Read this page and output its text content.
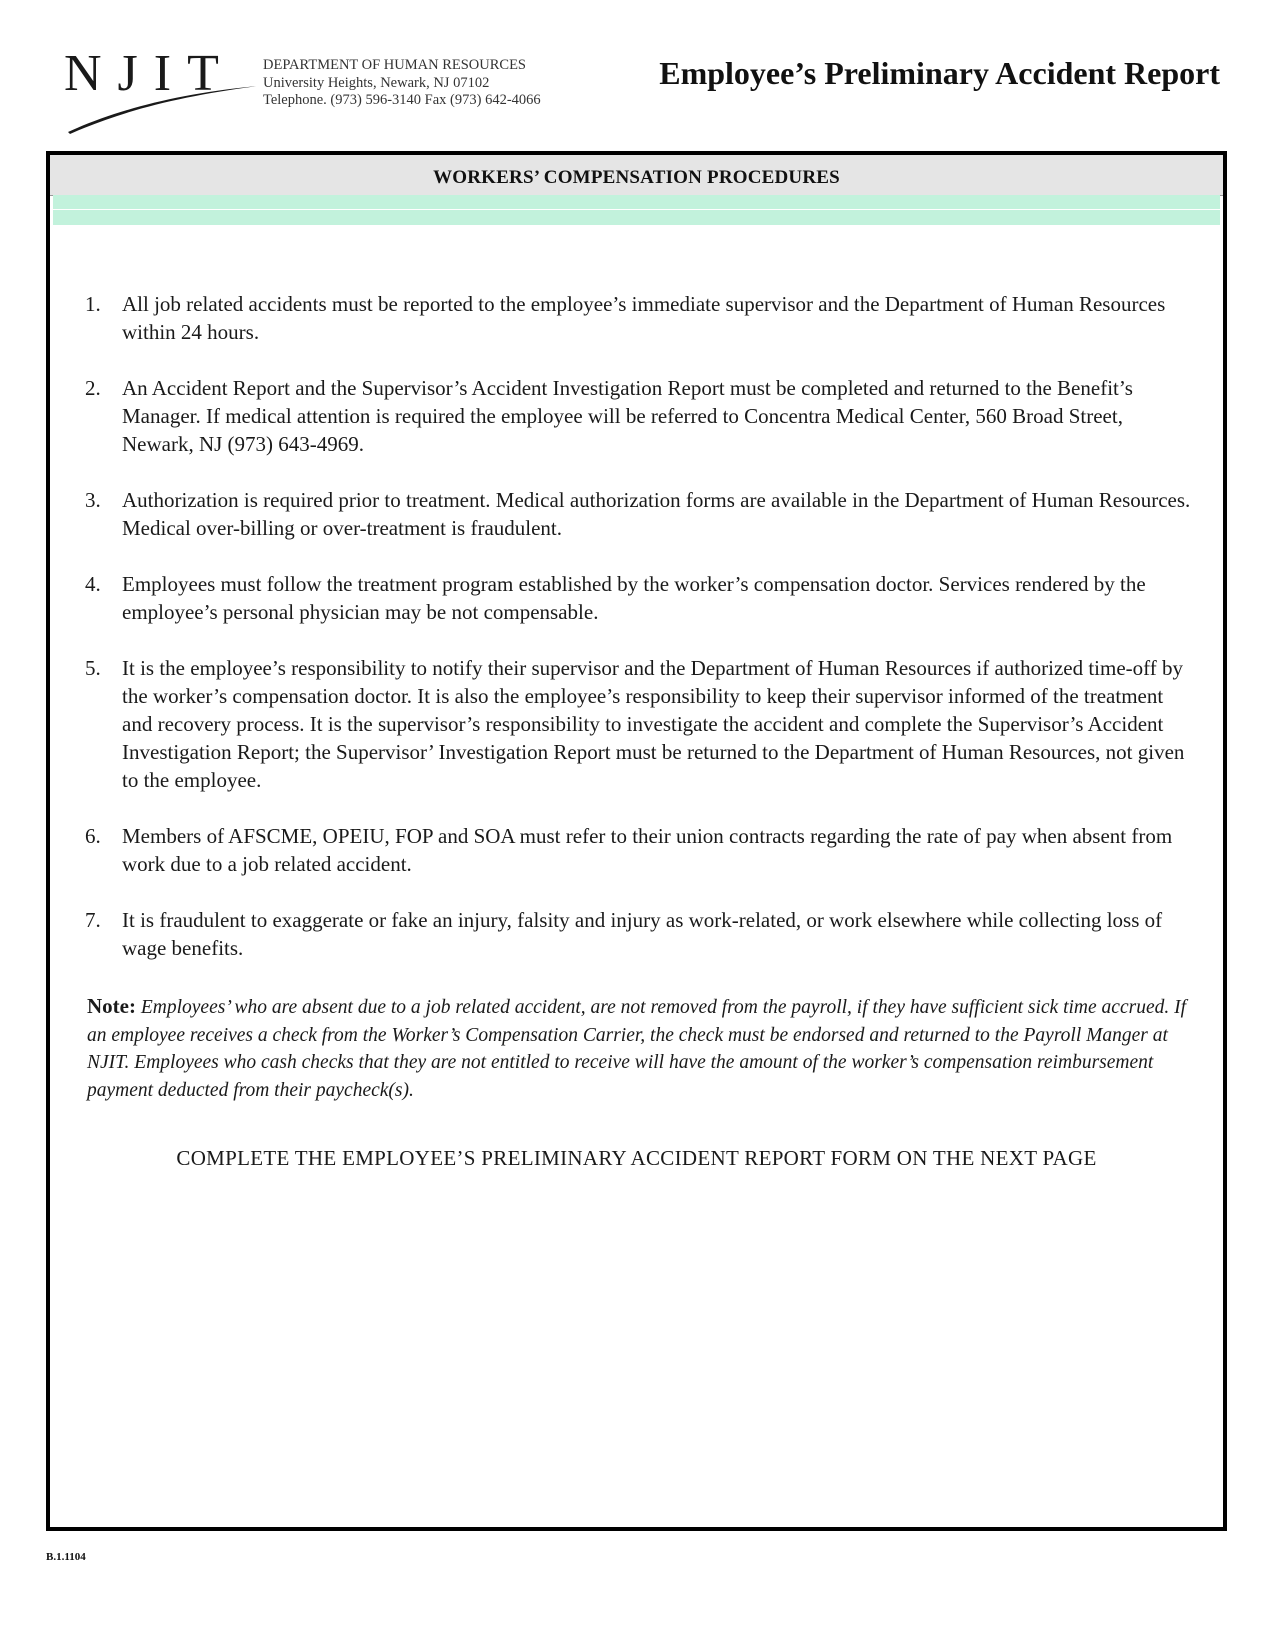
NJIT DEPARTMENT OF HUMAN RESOURCES
University Heights, Newark, NJ 07102
Telephone. (973) 596-3140 Fax (973) 642-4066
Employee’s Preliminary Accident Report
WORKERS’ COMPENSATION PROCEDURES
1. All job related accidents must be reported to the employee’s immediate supervisor and the Department of Human Resources within 24 hours.
2. An Accident Report and the Supervisor’s Accident Investigation Report must be completed and returned to the Benefit’s Manager. If medical attention is required the employee will be referred to Concentra Medical Center, 560 Broad Street, Newark, NJ (973) 643-4969.
3. Authorization is required prior to treatment. Medical authorization forms are available in the Department of Human Resources. Medical over-billing or over-treatment is fraudulent.
4. Employees must follow the treatment program established by the worker’s compensation doctor. Services rendered by the employee’s personal physician may be not compensable.
5. It is the employee’s responsibility to notify their supervisor and the Department of Human Resources if authorized time-off by the worker’s compensation doctor. It is also the employee’s responsibility to keep their supervisor informed of the treatment and recovery process. It is the supervisor’s responsibility to investigate the accident and complete the Supervisor’s Accident Investigation Report; the Supervisor’ Investigation Report must be returned to the Department of Human Resources, not given to the employee.
6. Members of AFSCME, OPEIU, FOP and SOA must refer to their union contracts regarding the rate of pay when absent from work due to a job related accident.
7. It is fraudulent to exaggerate or fake an injury, falsity and injury as work-related, or work elsewhere while collecting loss of wage benefits.
Note: Employees’ who are absent due to a job related accident, are not removed from the payroll, if they have sufficient sick time accrued. If an employee receives a check from the Worker’s Compensation Carrier, the check must be endorsed and returned to the Payroll Manger at NJIT. Employees who cash checks that they are not entitled to receive will have the amount of the worker’s compensation reimbursement payment deducted from their paycheck(s).
COMPLETE THE EMPLOYEE’S PRELIMINARY ACCIDENT REPORT FORM ON THE NEXT PAGE
B.1.1104
